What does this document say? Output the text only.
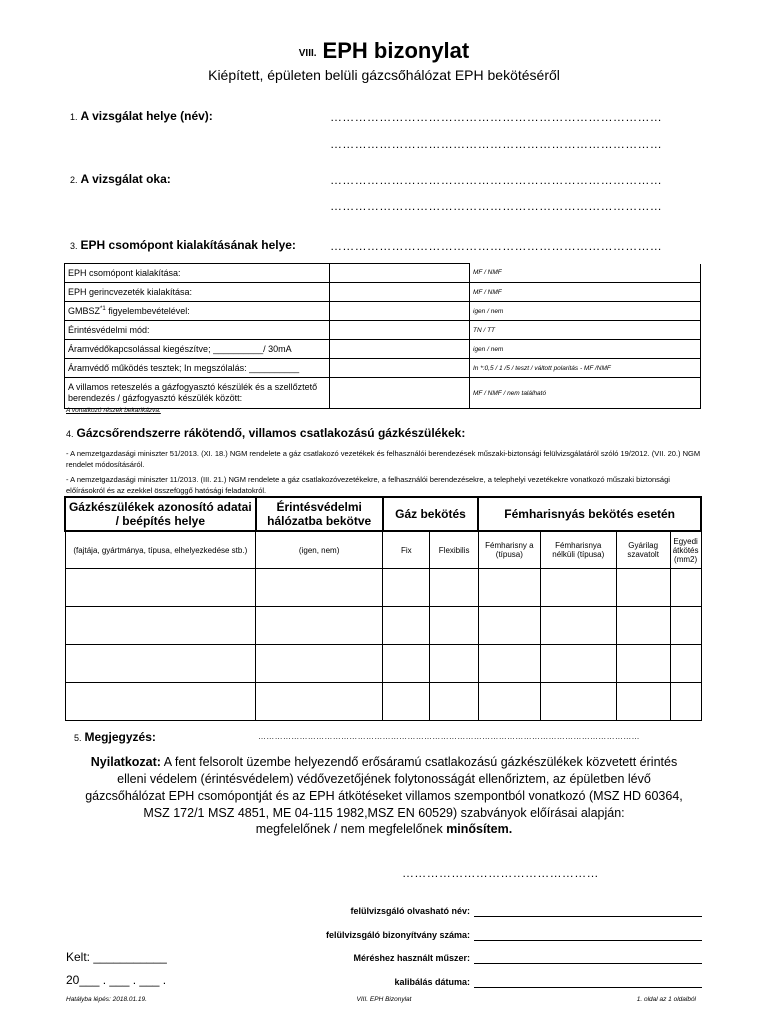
VIII. EPH bizonylat
Kiépített, épületen belüli gázcsőhálózat EPH bekötéséről
1. A vizsgálat helye (név):	………………………………………………………………………
………………………………………………………………………
2. A vizsgálat oka:	………………………………………………………………………
………………………………………………………………………
3. EPH csomópont kialakításának helye:	………………………………………………………………………
EPH csomópont kialakítása:		MF / NMF
EPH gerincvezeték kialakítása:		MF / NMF
GMBSZ$^{*1}$ figyelembevételével:		igen / nem
Érintésvédelmi mód:		TN / TT
Áramvédőkapcsolással kiegészítve; __________/ 30mA		igen / nem
Áramvédő működés tesztek; In megszólalás: __________		In *:0,5 / 1 /5 / teszt / váltott polaritás - MF /NMF
A villamos reteszelés a gázfogyasztó készülék és a szellőztető berendezés / gázfogyasztó készülék között:		MF / NMF / nem található
A vonatkozó részek bekarikázva.
4. Gázcsőrendszerre rákötendő, villamos csatlakozású gázkészülékek:
- A nemzetgazdasági miniszter 51/2013. (XI. 18.) NGM rendelete a gáz csatlakozó vezetékek és felhasználói berendezések műszaki-biztonsági felülvizsgálatáról szóló 19/2012. (VII. 20.) NGM rendelet módosításáról.
- A nemzetgazdasági miniszter 11/2013. (III. 21.) NGM rendelete a gáz csatlakozóvezetékekre, a felhasználói berendezésekre, a telephelyi vezetékekre vonatkozó műszaki biztonsági előírásokról és az ezekkel összefüggő hatósági feladatokról.
Gázkészülékek azonosító adatai / beépítés helye	Érintésvédelmi hálózatba bekötve	Gáz bekötés		Fémharisnyás bekötés esetén			
(fajtája, gyártmánya, típusa, elhelyezkedése stb.)	(igen, nem)	Fix	Flexibilis	Fémharisny a (típusa)	Fémharisnya nélküli (típusa)	Gyárilag szavatolt	Egyedi átkötés (mm2)

5. Megjegyzés:	…………………………………………………………………………………………………………………………
Nyilatkozat: A fent felsorolt üzembe helyezendő erősáramú csatlakozású gázkészülékek közvetett érintés elleni védelem (érintésvédelem) védővezetőjének folytonosságát ellenőriztem, az épületben lévő gázcsőhálózat EPH csomópontját és az EPH átkötéseket villamos szempontból vonatkozó (MSZ HD 60364, MSZ 172/1 MSZ 4851, ME 04-115 1982,MSZ EN 60529) szabványok előírásai alapján:
megfelelőnek / nem megfelelőnek minősítem.
…………………………………………
felülvizsgáló olvasható név:
felülvizsgáló bizonyítvány száma:
Méréshez használt műszer:
kalibálás dátuma:
Kelt: ___________
20___ . ___ . ___ .
Hatályba lépés: 2018.01.19.	VIII. EPH Bizonylat	1. oldal az 1 oldalból
